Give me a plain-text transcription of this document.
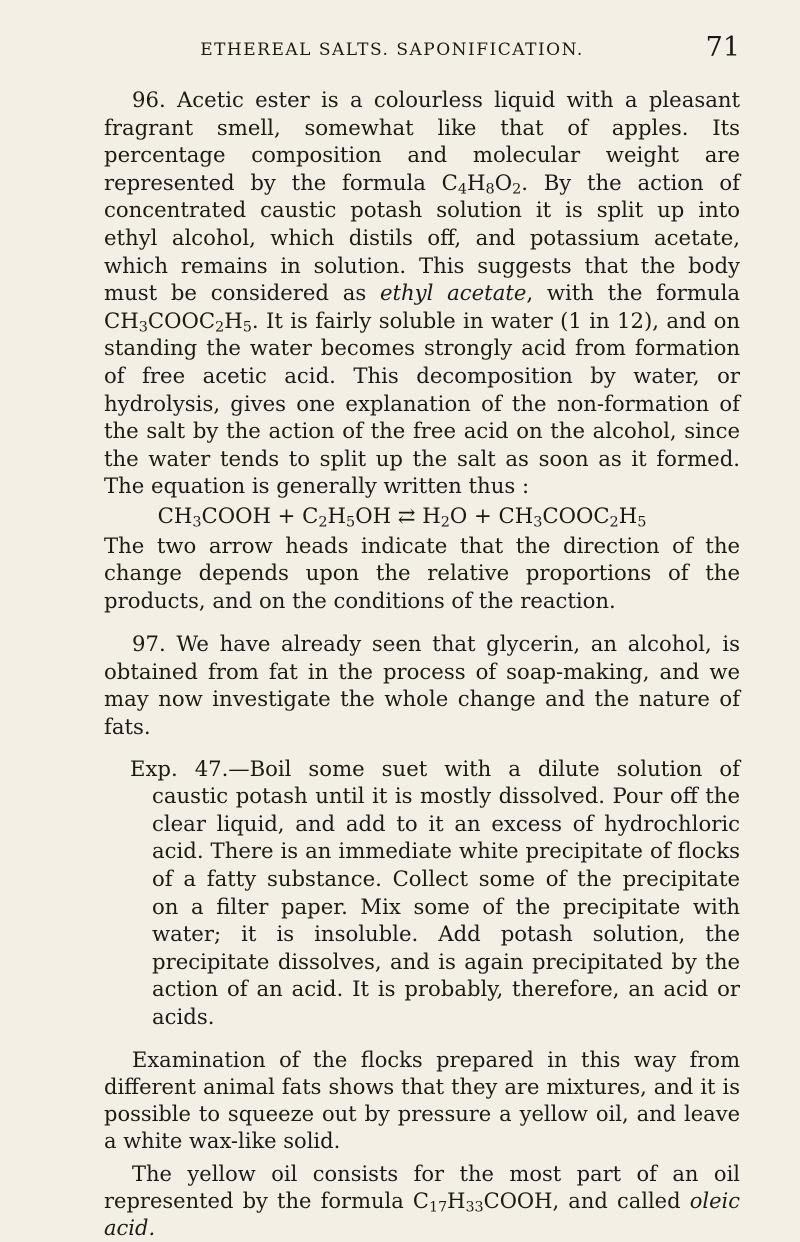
ETHEREAL SALTS. SAPONIFICATION.	71

96. Acetic ester is a colourless liquid with a pleasant fragrant smell, somewhat like that of apples. Its percentage composition and molecular weight are represented by the formula $C_4H_8O_2$. By the action of concentrated caustic potash solution it is split up into ethyl alcohol, which distils off, and potassium acetate, which remains in solution. This suggests that the body must be considered as ethyl acetate, with the formula $CH_3COOC_2H_5$. It is fairly soluble in water (1 in 12), and on standing the water becomes strongly acid from formation of free acetic acid. This decomposition by water, or hydrolysis, gives one explanation of the non-formation of the salt by the action of the free acid on the alcohol, since the water tends to split up the salt as soon as it formed. The equation is generally written thus :

$CH_3COOH + C_2H_5OH$ ⇄ $H_2O$ + $CH_3COOC_2H_5$

The two arrow heads indicate that the direction of the change depends upon the relative proportions of the products, and on the conditions of the reaction.

97. We have already seen that glycerin, an alcohol, is obtained from fat in the process of soap-making, and we may now investigate the whole change and the nature of fats.

Exp. 47.—Boil some suet with a dilute solution of caustic potash until it is mostly dissolved. Pour off the clear liquid, and add to it an excess of hydrochloric acid. There is an immediate white precipitate of flocks of a fatty substance. Collect some of the precipitate on a filter paper. Mix some of the precipitate with water; it is insoluble. Add potash solution, the precipitate dissolves, and is again precipitated by the action of an acid. It is probably, therefore, an acid or acids.

Examination of the flocks prepared in this way from different animal fats shows that they are mixtures, and it is possible to squeeze out by pressure a yellow oil, and leave a white wax-like solid.

The yellow oil consists for the most part of an oil represented by the formula $C_{17}H_{33}COOH$, and called oleic acid.
